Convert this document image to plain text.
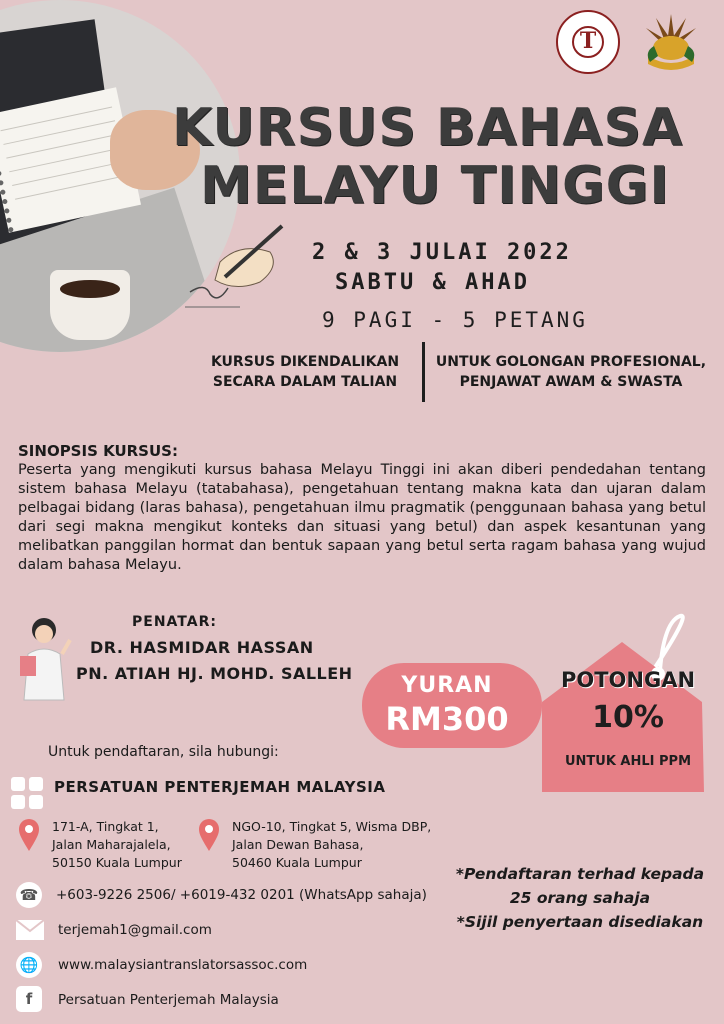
T
KURSUS BAHASA
MELAYU TINGGI
2 & 3 JULAI 2022
SABTU & AHAD
9 PAGI - 5 PETANG
KURSUS DIKENDALIKAN
SECARA DALAM TALIAN
UNTUK GOLONGAN PROFESIONAL,
PENJAWAT AWAM & SWASTA
SINOPSIS KURSUS:
Peserta yang mengikuti kursus bahasa Melayu Tinggi ini akan diberi pendedahan tentang sistem bahasa Melayu (tatabahasa), pengetahuan tentang makna kata dan ujaran dalam pelbagai bidang (laras bahasa), pengetahuan ilmu pragmatik (penggunaan bahasa yang betul dari segi makna mengikut konteks dan situasi yang betul) dan aspek kesantunan yang melibatkan panggilan hormat dan bentuk sapaan yang betul serta ragam bahasa yang wujud dalam bahasa Melayu.
PENATAR:
DR. HASMIDAR HASSAN
PN. ATIAH HJ. MOHD. SALLEH	YURAN
RM300
POTONGAN
10%
UNTUK AHLI PPM
Untuk pendaftaran, sila hubungi:
PERSATUAN PENTERJEMAH MALAYSIA
171-A, Tingkat 1,
Jalan Maharajalela,
50150 Kuala Lumpur
NGO-10, Tingkat 5, Wisma DBP,
Jalan Dewan Bahasa,
50460 Kuala Lumpur
☎ +603-9226 2506/ +6019-432 0201 (WhatsApp sahaja)
terjemah1@gmail.com
🌐 www.malaysiantranslatorsassoc.com
f	Persatuan Penterjemah Malaysia
*Pendaftaran terhad kepada
25 orang sahaja
*Sijil penyertaan disediakan
